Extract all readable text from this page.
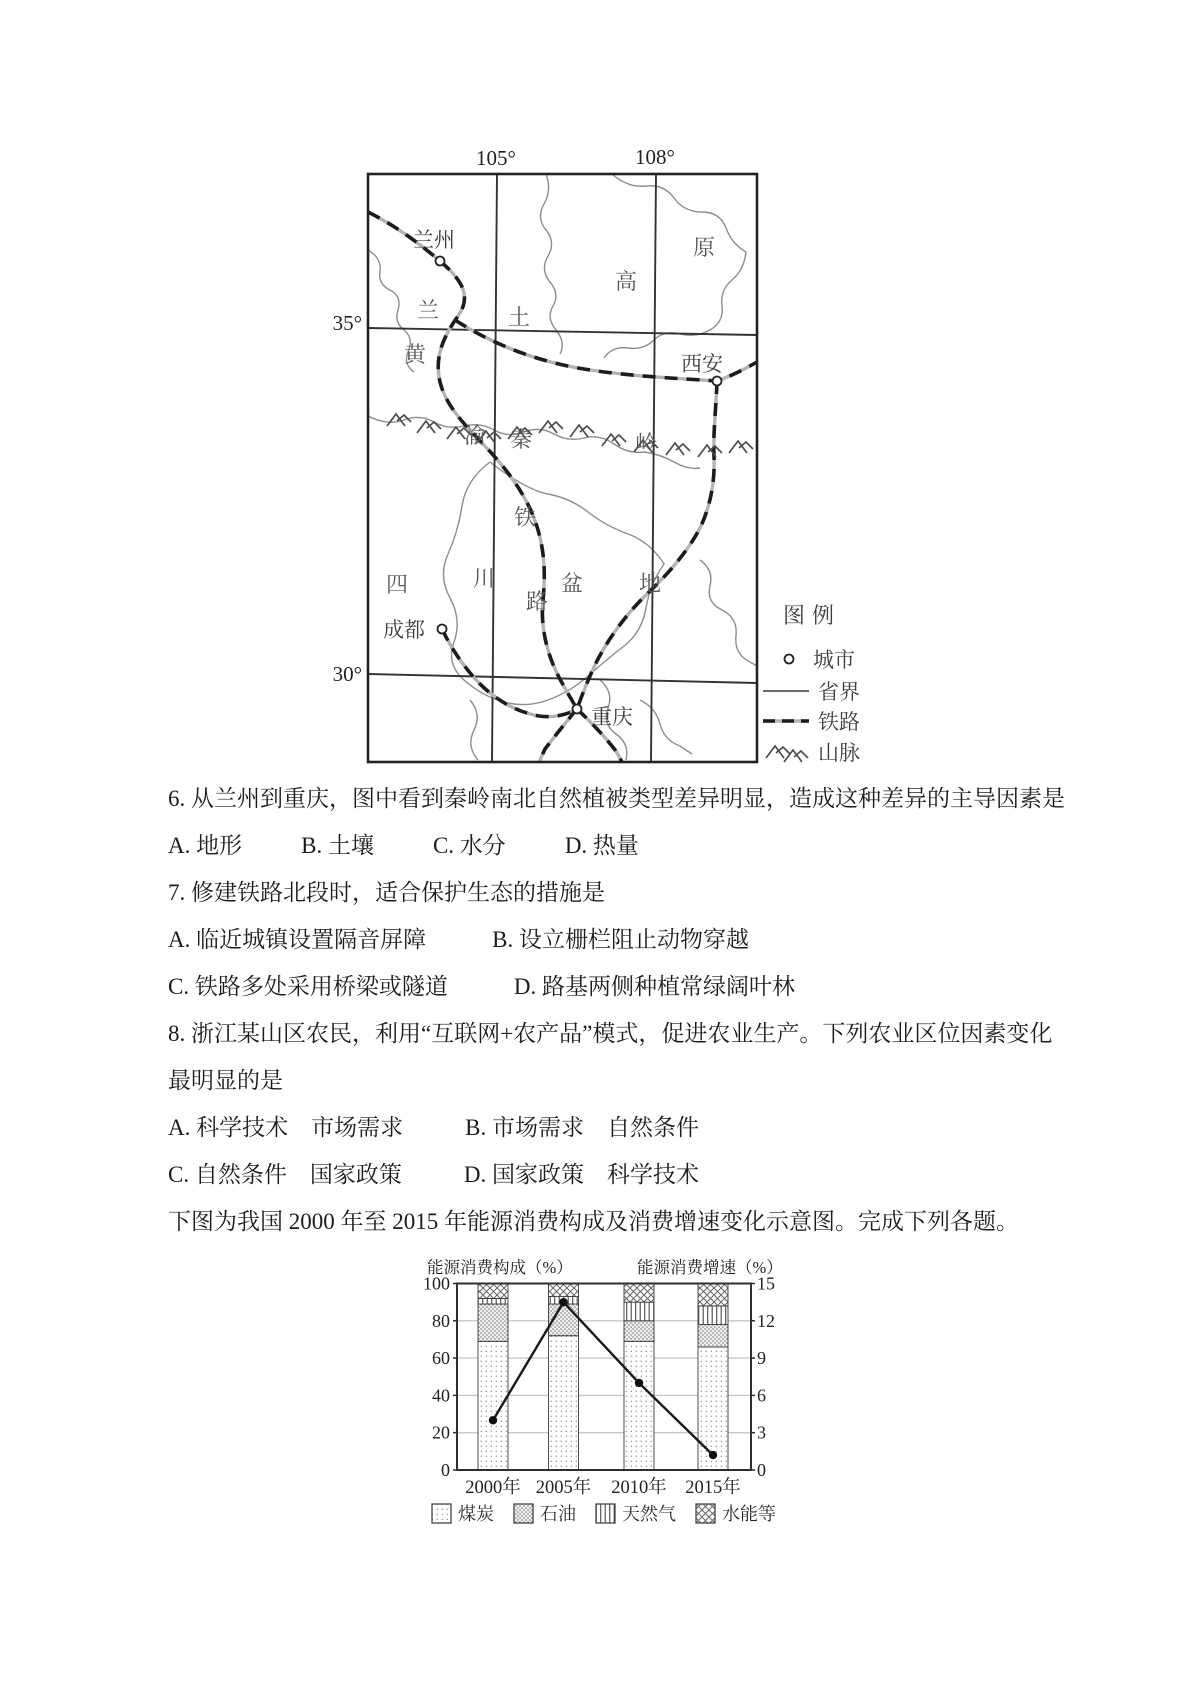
105°	108°
35°
30°
兰州
西安
成都
重庆
黄
土
高
原
兰
渝
铁
路
秦	岭
四	川	盆	地
图例
城市
省界
铁路
山脉
6. 从兰州到重庆，图中看到秦岭南北自然植被类型差异明显，造成这种差异的主导因素是
A. 地形	B. 土壤	C. 水分	D. 热量
7. 修建铁路北段时，适合保护生态的措施是
A. 临近城镇设置隔音屏障	B. 设立栅栏阻止动物穿越
C. 铁路多处采用桥梁或隧道	D. 路基两侧种植常绿阔叶林
8. 浙江某山区农民，利用“互联网+农产品”模式，促进农业生产。下列农业区位因素变化
最明显的是
A. 科学技术　市场需求	B. 市场需求　自然条件
C. 自然条件　国家政策	D. 国家政策　科学技术
下图为我国 2000 年至 2015 年能源消费构成及消费增速变化示意图。完成下列各题。
能源消费构成（%）	能源消费增速（%）
0
20
40
60
80
100
0
3
6
9
12
15
2000年 2005年 2010年 2015年
煤炭	石油	天然气	水能等
